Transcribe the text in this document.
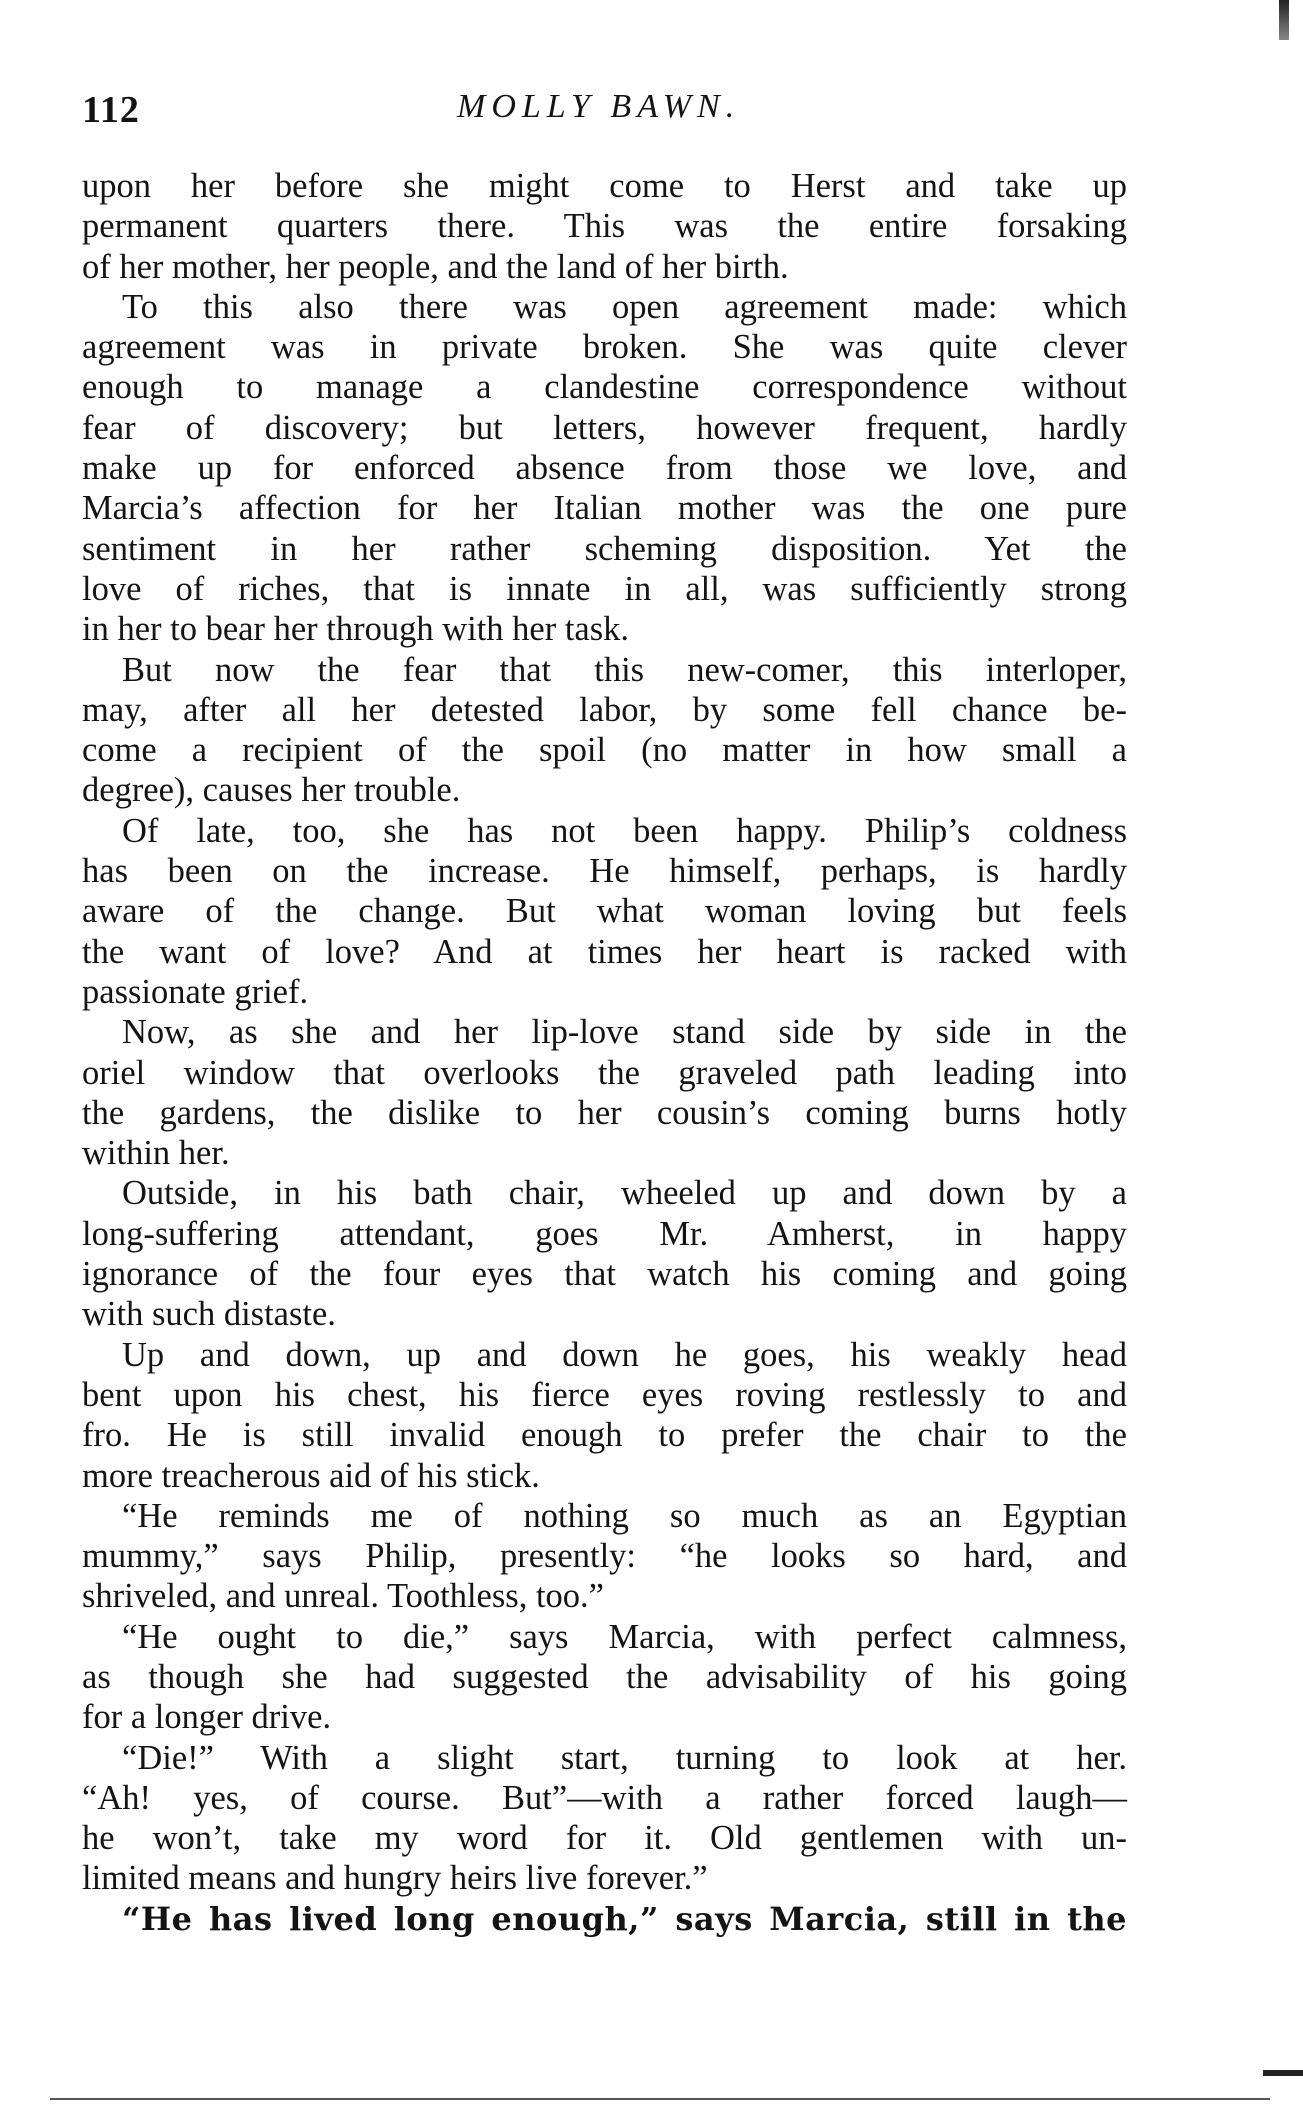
112	MOLLY BAWN.
upon her before she might come to Herst and take up
permanent quarters there. This was the entire forsaking
of her mother, her people, and the land of her birth.
To this also there was open agreement made: which
agreement was in private broken. She was quite clever
enough to manage a clandestine correspondence without
fear of discovery; but letters, however frequent, hardly
make up for enforced absence from those we love, and
Marcia’s affection for her Italian mother was the one pure
sentiment in her rather scheming disposition. Yet the
love of riches, that is innate in all, was sufficiently strong
in her to bear her through with her task.
But now the fear that this new-comer, this interloper,
may, after all her detested labor, by some fell chance be-
come a recipient of the spoil (no matter in how small a
degree), causes her trouble.
Of late, too, she has not been happy. Philip’s coldness
has been on the increase. He himself, perhaps, is hardly
aware of the change. But what woman loving but feels
the want of love? And at times her heart is racked with
passionate grief.
Now, as she and her lip-love stand side by side in the
oriel window that overlooks the graveled path leading into
the gardens, the dislike to her cousin’s coming burns hotly
within her.
Outside, in his bath chair, wheeled up and down by a
long-suffering attendant, goes Mr. Amherst, in happy
ignorance of the four eyes that watch his coming and going
with such distaste.
Up and down, up and down he goes, his weakly head
bent upon his chest, his fierce eyes roving restlessly to and
fro. He is still invalid enough to prefer the chair to the
more treacherous aid of his stick.
“He reminds me of nothing so much as an Egyptian
mummy,” says Philip, presently: “he looks so hard, and
shriveled, and unreal. Toothless, too.”
“He ought to die,” says Marcia, with perfect calmness,
as though she had suggested the advisability of his going
for a longer drive.
“Die!” With a slight start, turning to look at her.
“Ah! yes, of course. But”—with a rather forced laugh—
he won’t, take my word for it. Old gentlemen with un-
limited means and hungry heirs live forever.”
“He has lived long enough,” says Marcia, still in the
